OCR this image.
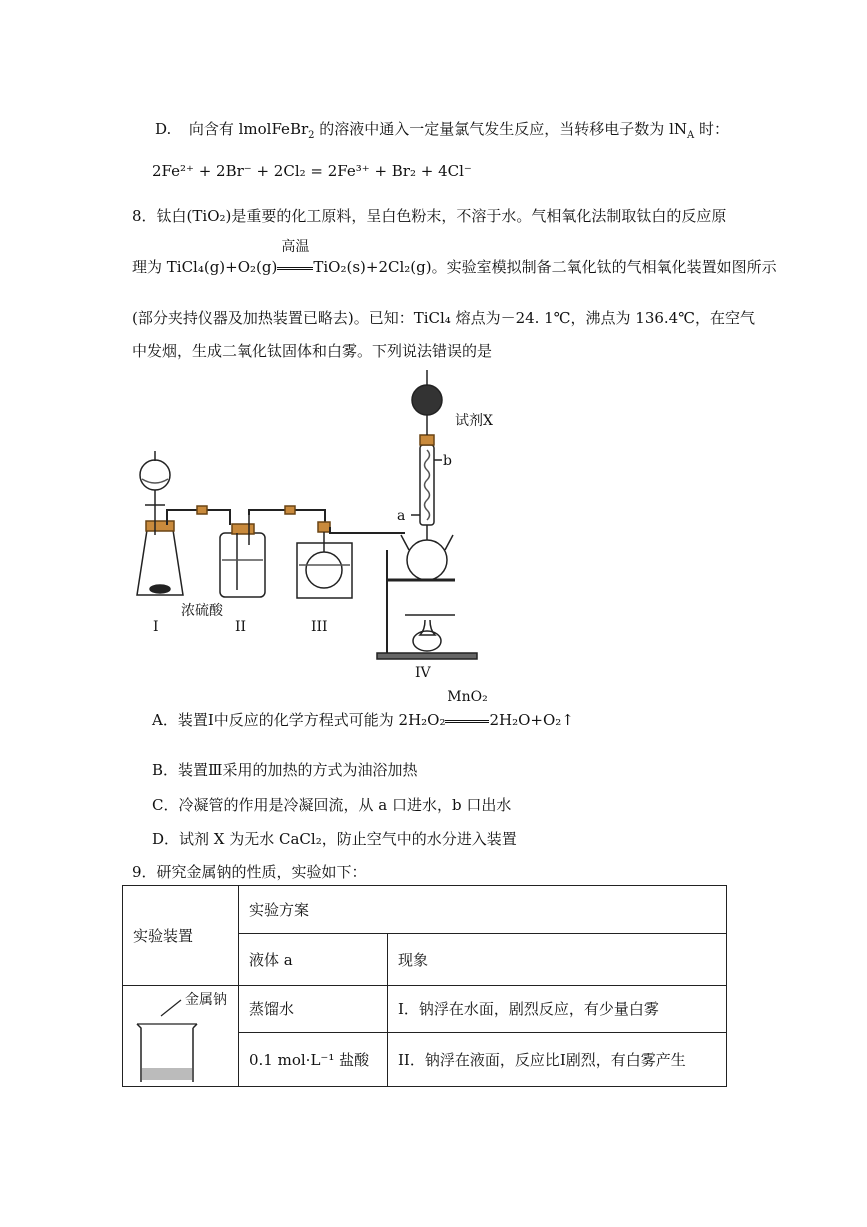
D. 向含有 lmolFeBr$_2$ 的溶液中通入一定量氯气发生反应，当转移电子数为 $lN_A$ 时：
2Fe²⁺ + 2Br⁻ + 2Cl₂ = 2Fe³⁺ + Br₂ + 4Cl⁻
8．钛白(TiO₂)是重要的化工原料，呈白色粉末，不溶于水。气相氧化法制取钛白的反应原
理为 TiCl₄(g)+O₂(g)
高温
TiO₂(s)+2Cl₂(g)。实验室模拟制备二氧化钛的气相氧化装置如图所示
(部分夹持仪器及加热装置已略去)。已知：TiCl₄ 熔点为－24. 1℃，沸点为 136.4℃，在空气
中发烟，生成二氧化钛固体和白雾。下列说法错误的是
试剂X
b
a
浓硫酸
I	II	III
IV
A．装置Ⅰ中反应的化学方程式可能为 2H₂O₂
MnO₂
2H₂O+O₂↑
B．装置Ⅲ采用的加热的方式为油浴加热
C．冷凝管的作用是冷凝回流，从 a 口进水，b 口出水
D．试剂 X 为无水 CaCl₂，防止空气中的水分进入装置
9．研究金属钠的性质，实验如下：
实验装置	实验方案	
	液体 a	现象

金属钠	蒸馏水	I．钠浮在水面，剧烈反应，有少量白雾
	0.1 mol·L⁻¹ 盐酸	II．钠浮在液面，反应比Ⅰ剧烈，有白雾产生
